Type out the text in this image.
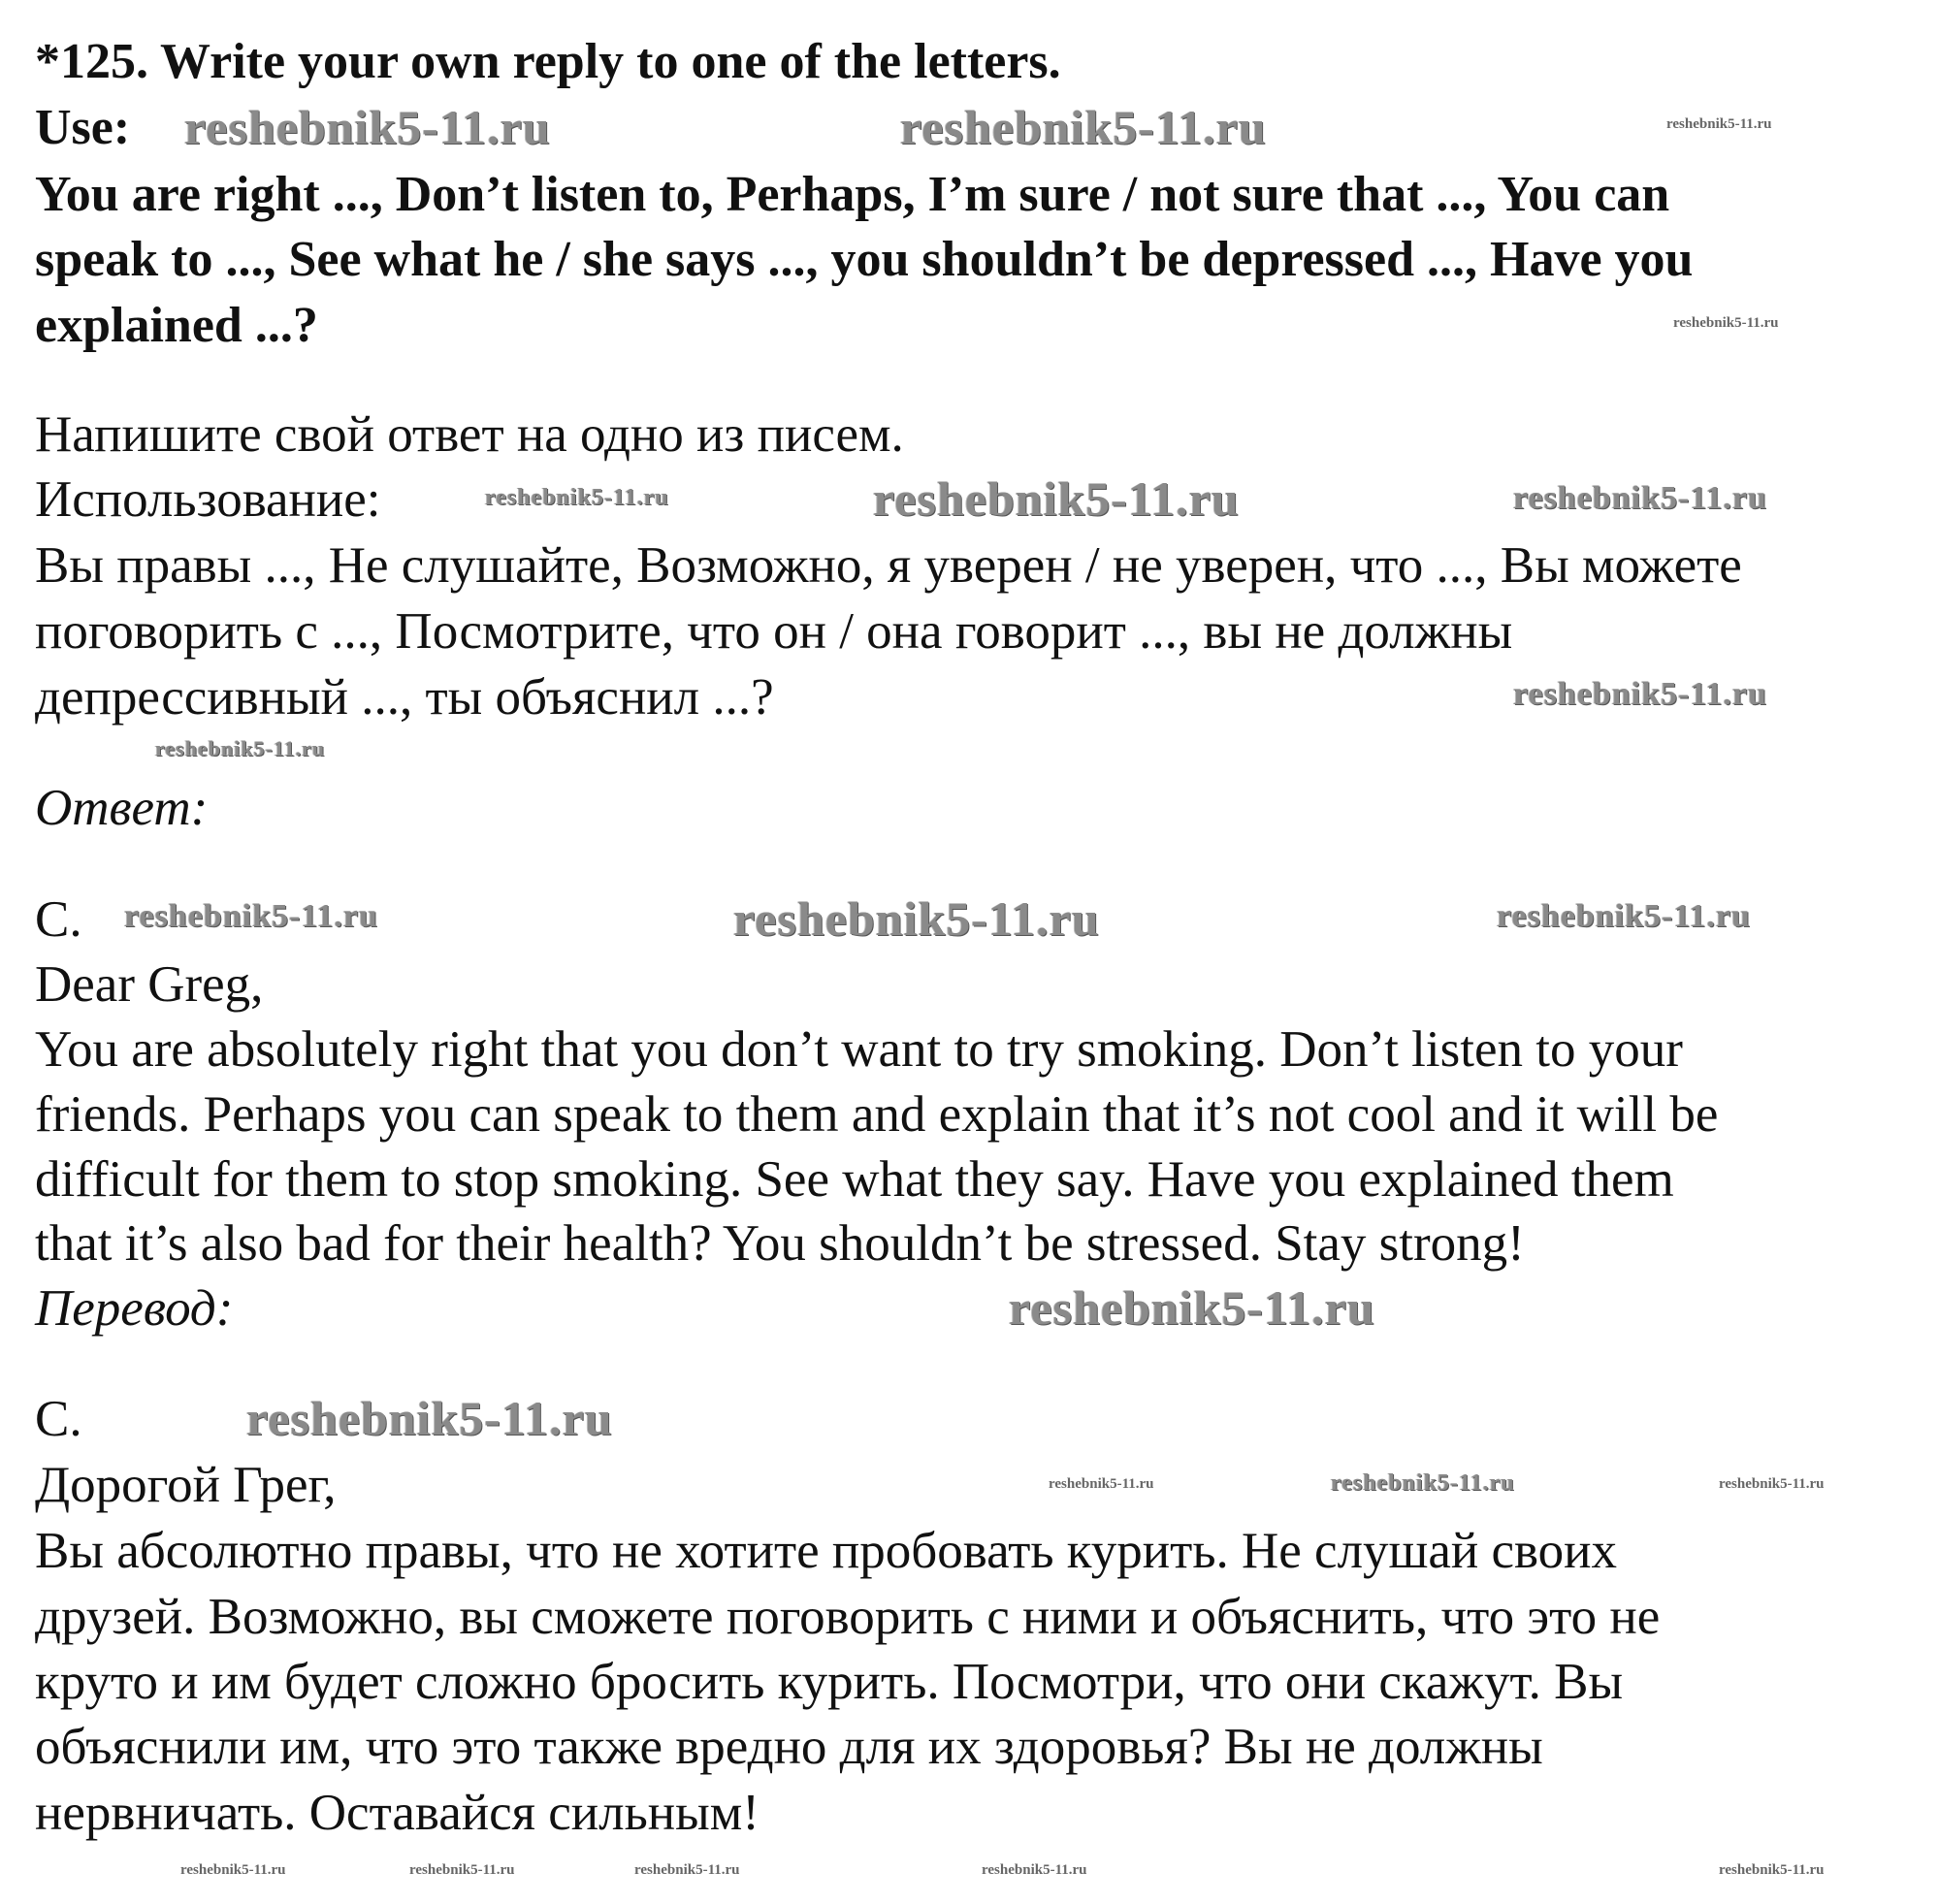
*125. Write your own reply to one of the letters.
Use:
You are right ..., Don’t listen to, Perhaps, I’m sure / not sure that ..., You can
speak to ..., See what he / she says ..., you shouldn’t be depressed ..., Have you
explained ...?
Напишите свой ответ на одно из писем.
Использование:
Вы правы ..., Не слушайте, Возможно, я уверен / не уверен, что ..., Вы можете
поговорить с ..., Посмотрите, что он / она говорит ..., вы не должны
депрессивный ..., ты объяснил ...?
Ответ:
C.
Dear Greg,
You are absolutely right that you don’t want to try smoking. Don’t listen to your
friends. Perhaps you can speak to them and explain that it’s not cool and it will be
difficult for them to stop smoking. See what they say. Have you explained them
that it’s also bad for their health? You shouldn’t be stressed. Stay strong!
Перевод:
C.
Дорогой Грег,
Вы абсолютно правы, что не хотите пробовать курить. Не слушай своих
друзей. Возможно, вы сможете поговорить с ними и объяснить, что это не
круто и им будет сложно бросить курить. Посмотри, что они скажут. Вы
объяснили им, что это также вредно для их здоровья? Вы не должны
нервничать. Оставайся сильным!
reshebnik5-11.ru	reshebnik5-11.ru	reshebnik5-11.ru
reshebnik5-11.ru
reshebnik5-11.ru	reshebnik5-11.ru
reshebnik5-11.ru
reshebnik5-11.ru
reshebnik5-11.ru
reshebnik5-11.ru	reshebnik5-11.ru	reshebnik5-11.ru
reshebnik5-11.ru
reshebnik5-11.ru
reshebnik5-11.ru	reshebnik5-11.ru	reshebnik5-11.ru
reshebnik5-11.ru
reshebnik5-11.ru	reshebnik5-11.ru	reshebnik5-11.ru	reshebnik5-11.ru
